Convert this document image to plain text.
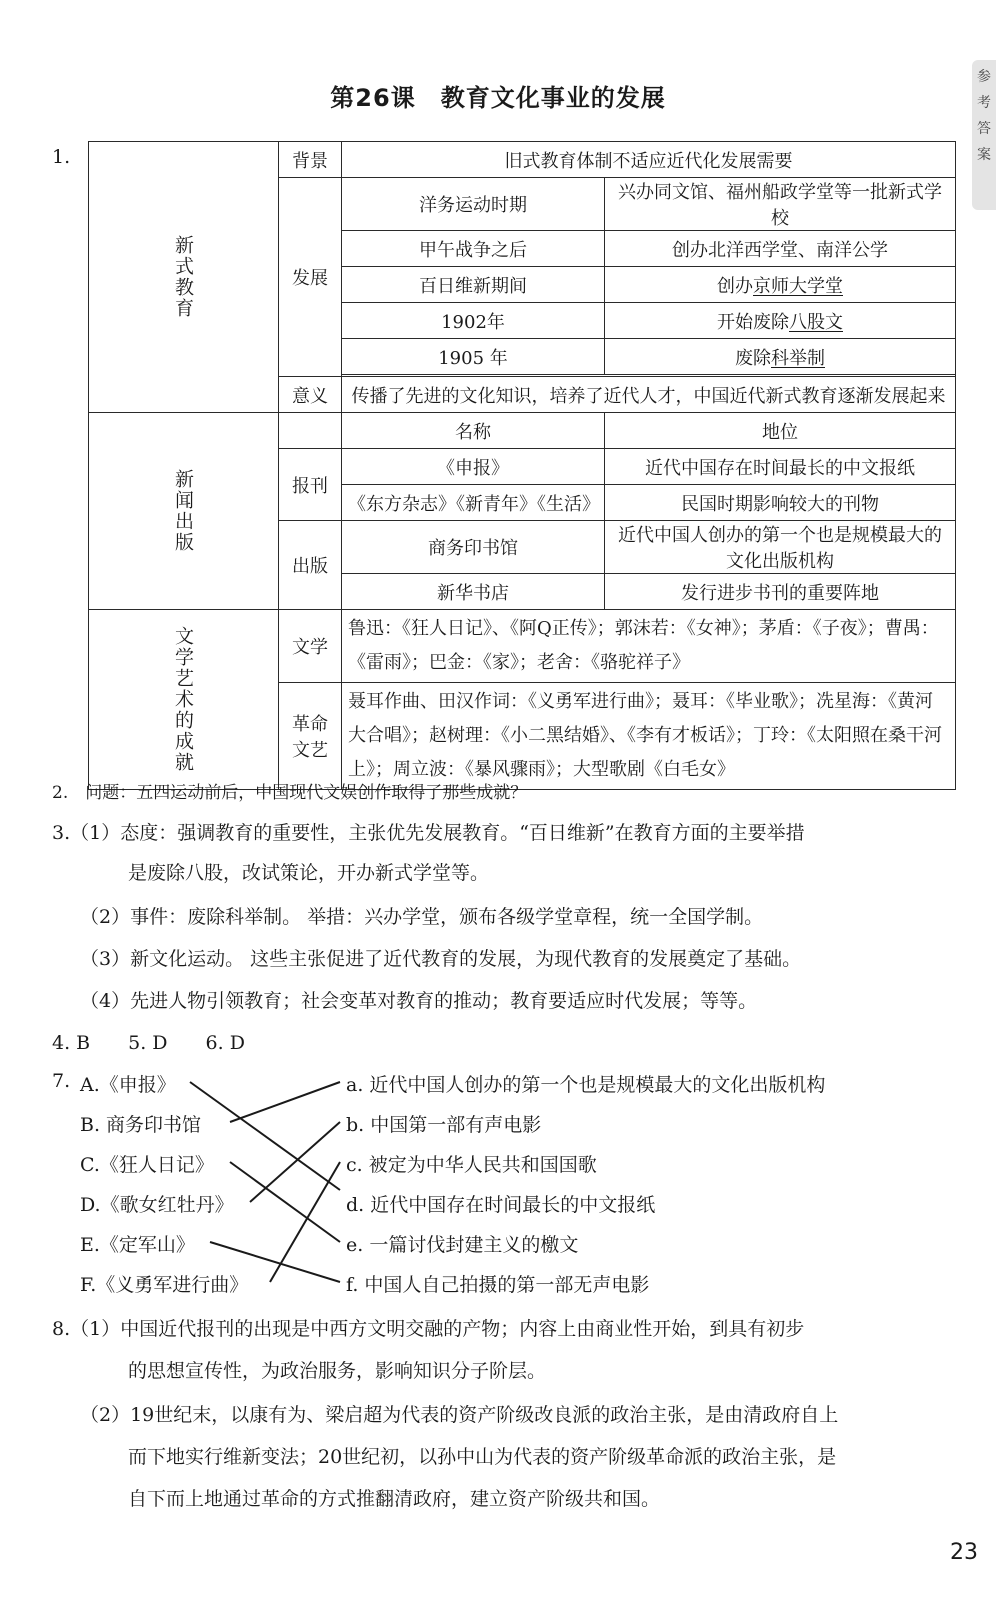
参
考
答
案
第26课　教育文化事业的发展
1.
新式教育	背景	旧式教育体制不适应近代化发展需要	
	发展	洋务运动时期	兴办同文馆、福州船政学堂等一批新式学校
		甲午战争之后	创办北洋西学堂、南洋公学
		百日维新期间	创办京师大学堂
		1902年	开始废除八股文
		1905 年	废除科举制

	意义	传播了先进的文化知识，培养了近代人才，中国近代新式教育逐渐发展起来	
新闻出版		名称	地位
	报刊	《申报》	近代中国存在时间最长的中文报纸
		《东方杂志》《新青年》《生活》	民国时期影响较大的刊物
	出版	商务印书馆	近代中国人创办的第一个也是规模最大的文化出版机构
		新华书店	发行进步书刊的重要阵地
文学艺术的成就	文学	鲁迅：《狂人日记》、《阿Q正传》；郭沫若：《女神》；茅盾：《子夜》；曹禺：《雷雨》；巴金：《家》；老舍：《骆驼祥子》	
	革命文艺	聂耳作曲、田汉作词：《义勇军进行曲》；聂耳：《毕业歌》；冼星海：《黄河大合唱》；赵树理：《小二黑结婚》、《李有才板话》；丁玲：《太阳照在桑干河上》；周立波：《暴风骤雨》；大型歌剧《白毛女》	
2.　问题：五四运动前后，中国现代文娱创作取得了那些成就？
3.（1）态度：强调教育的重要性，主张优先发展教育。“百日维新”在教育方面的主要举措
是废除八股，改试策论，开办新式学堂等。
（2）事件：废除科举制。 举措：兴办学堂，颁布各级学堂章程，统一全国学制。
（3）新文化运动。 这些主张促进了近代教育的发展，为现代教育的发展奠定了基础。
（4）先进人物引领教育；社会变革对教育的推动；教育要适应时代发展；等等。
4. B　　5. D　　6. D
7. A.《申报》
B. 商务印书馆
C.《狂人日记》
D.《歌女红牡丹》
E.《定军山》
F.《义勇军进行曲》
a. 近代中国人创办的第一个也是规模最大的文化出版机构
b. 中国第一部有声电影
c. 被定为中华人民共和国国歌
d. 近代中国存在时间最长的中文报纸
e. 一篇讨伐封建主义的檄文
f. 中国人自己拍摄的第一部无声电影
8.（1）中国近代报刊的出现是中西方文明交融的产物；内容上由商业性开始，到具有初步
的思想宣传性，为政治服务，影响知识分子阶层。
（2）19世纪末，以康有为、梁启超为代表的资产阶级改良派的政治主张，是由清政府自上
而下地实行维新变法；20世纪初，以孙中山为代表的资产阶级革命派的政治主张，是
自下而上地通过革命的方式推翻清政府，建立资产阶级共和国。
23
